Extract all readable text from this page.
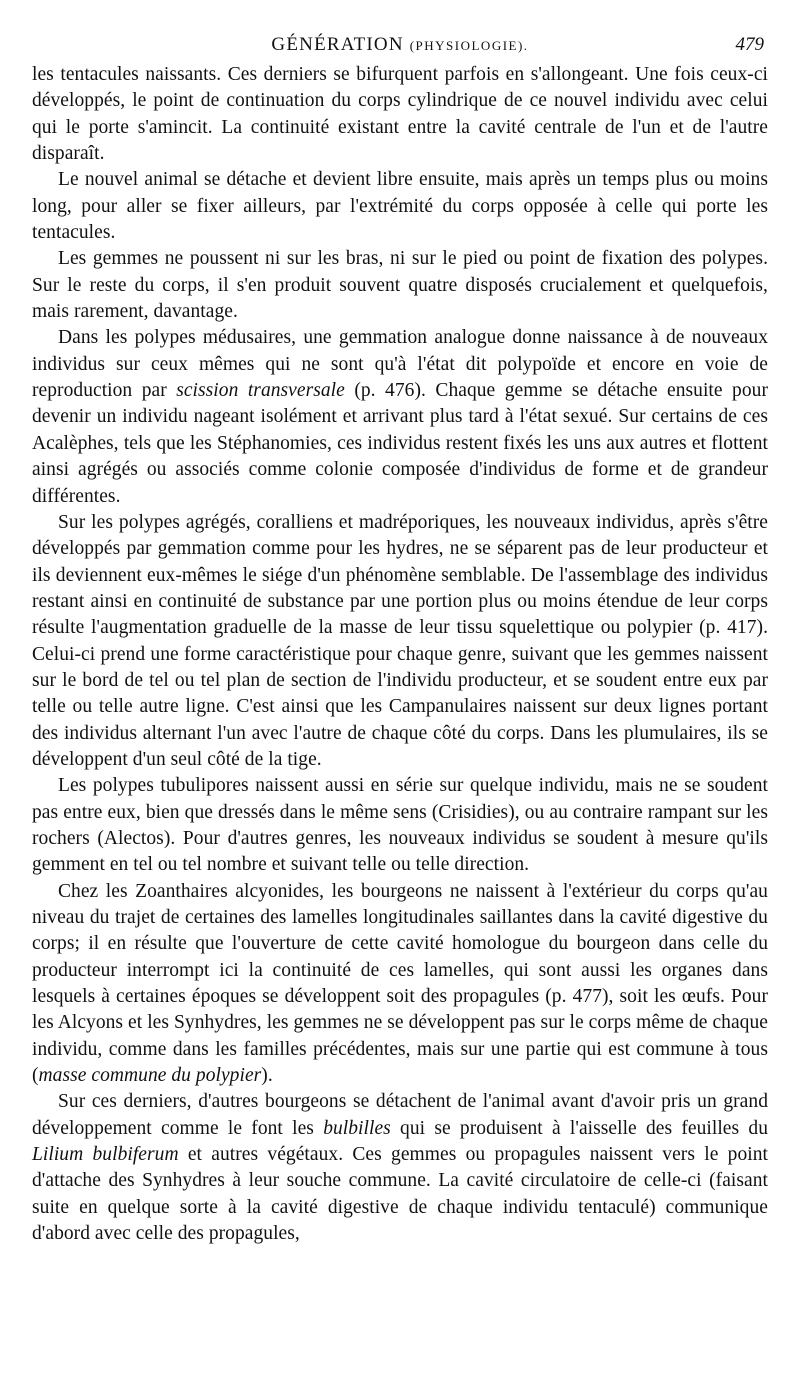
GÉNÉRATION (PHYSIOLOGIE).	479

les tentacules naissants. Ces derniers se bifurquent parfois en s'allongeant. Une fois ceux-ci développés, le point de continuation du corps cylindrique de ce nouvel individu avec celui qui le porte s'amincit. La continuité existant entre la cavité centrale de l'un et de l'autre disparaît.

Le nouvel animal se détache et devient libre ensuite, mais après un temps plus ou moins long, pour aller se fixer ailleurs, par l'extrémité du corps opposée à celle qui porte les tentacules.

Les gemmes ne poussent ni sur les bras, ni sur le pied ou point de fixation des polypes. Sur le reste du corps, il s'en produit souvent quatre disposés crucialement et quelquefois, mais rarement, davantage.

Dans les polypes médusaires, une gemmation analogue donne naissance à de nouveaux individus sur ceux mêmes qui ne sont qu'à l'état dit polypoïde et encore en voie de reproduction par scission transversale (p. 476). Chaque gemme se détache ensuite pour devenir un individu nageant isolément et arrivant plus tard à l'état sexué. Sur certains de ces Acalèphes, tels que les Stéphanomies, ces individus restent fixés les uns aux autres et flottent ainsi agrégés ou associés comme colonie composée d'individus de forme et de grandeur différentes.

Sur les polypes agrégés, coralliens et madréporiques, les nouveaux individus, après s'être développés par gemmation comme pour les hydres, ne se séparent pas de leur producteur et ils deviennent eux-mêmes le siége d'un phénomène semblable. De l'assemblage des individus restant ainsi en continuité de substance par une portion plus ou moins étendue de leur corps résulte l'augmentation graduelle de la masse de leur tissu squelettique ou polypier (p. 417). Celui-ci prend une forme caractéristique pour chaque genre, suivant que les gemmes naissent sur le bord de tel ou tel plan de section de l'individu producteur, et se soudent entre eux par telle ou telle autre ligne. C'est ainsi que les Campanulaires naissent sur deux lignes portant des individus alternant l'un avec l'autre de chaque côté du corps. Dans les plumulaires, ils se développent d'un seul côté de la tige.

Les polypes tubulipores naissent aussi en série sur quelque individu, mais ne se soudent pas entre eux, bien que dressés dans le même sens (Crisidies), ou au contraire rampant sur les rochers (Alectos). Pour d'autres genres, les nouveaux individus se soudent à mesure qu'ils gemment en tel ou tel nombre et suivant telle ou telle direction.

Chez les Zoanthaires alcyonides, les bourgeons ne naissent à l'extérieur du corps qu'au niveau du trajet de certaines des lamelles longitudinales saillantes dans la cavité digestive du corps; il en résulte que l'ouverture de cette cavité homologue du bourgeon dans celle du producteur interrompt ici la continuité de ces lamelles, qui sont aussi les organes dans lesquels à certaines époques se développent soit des propagules (p. 477), soit les œufs. Pour les Alcyons et les Synhydres, les gemmes ne se développent pas sur le corps même de chaque individu, comme dans les familles précédentes, mais sur une partie qui est commune à tous (masse commune du polypier).

Sur ces derniers, d'autres bourgeons se détachent de l'animal avant d'avoir pris un grand développement comme le font les bulbilles qui se produisent à l'aisselle des feuilles du Lilium bulbiferum et autres végétaux. Ces gemmes ou propagules naissent vers le point d'attache des Synhydres à leur souche commune. La cavité circulatoire de celle-ci (faisant suite en quelque sorte à la cavité digestive de chaque individu tentaculé) communique d'abord avec celle des propagules,
